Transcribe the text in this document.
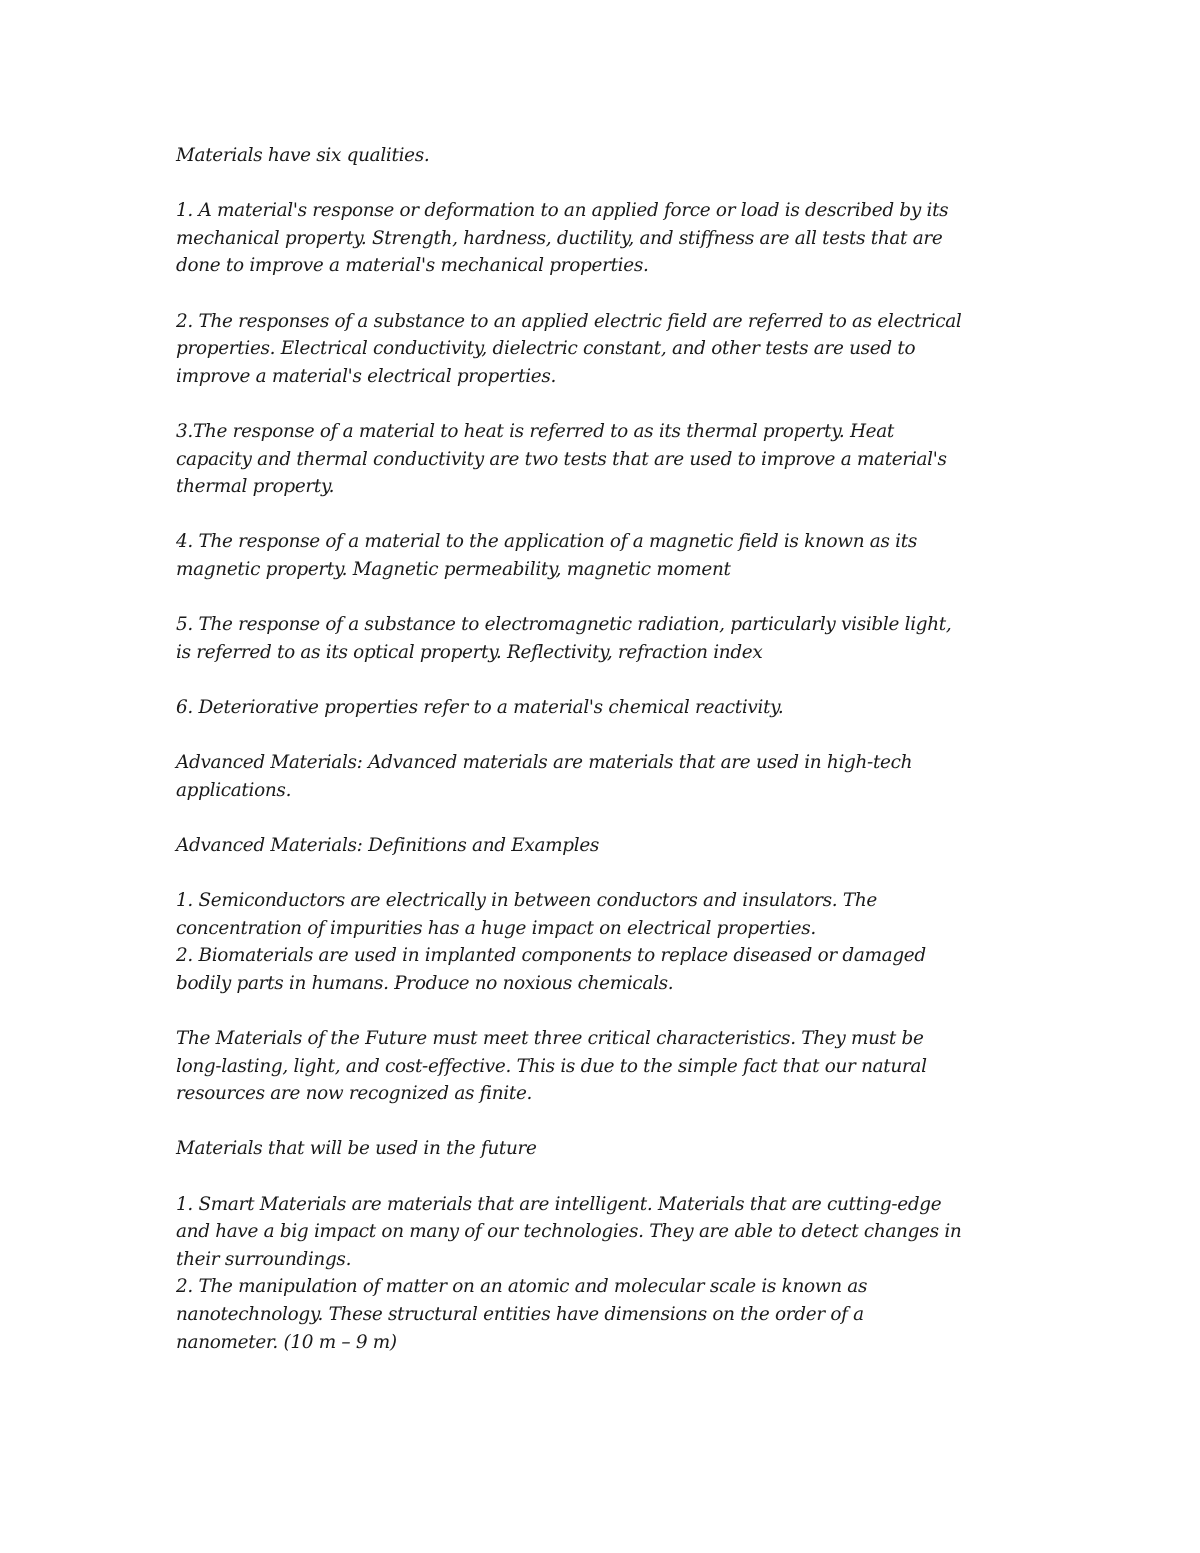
Materials have six qualities.

1. A material's response or deformation to an applied force or load is described by its
mechanical property. Strength, hardness, ductility, and stiffness are all tests that are
done to improve a material's mechanical properties.

2. The responses of a substance to an applied electric field are referred to as electrical
properties. Electrical conductivity, dielectric constant, and other tests are used to
improve a material's electrical properties.

3.The response of a material to heat is referred to as its thermal property. Heat
capacity and thermal conductivity are two tests that are used to improve a material's
thermal property.

4. The response of a material to the application of a magnetic field is known as its
magnetic property. Magnetic permeability, magnetic moment

5. The response of a substance to electromagnetic radiation, particularly visible light,
is referred to as its optical property. Reflectivity, refraction index

6. Deteriorative properties refer to a material's chemical reactivity.

Advanced Materials: Advanced materials are materials that are used in high-tech
applications.

Advanced Materials: Definitions and Examples

1. Semiconductors are electrically in between conductors and insulators. The
concentration of impurities has a huge impact on electrical properties.
2. Biomaterials are used in implanted components to replace diseased or damaged
bodily parts in humans. Produce no noxious chemicals.

The Materials of the Future must meet three critical characteristics. They must be
long-lasting, light, and cost-effective. This is due to the simple fact that our natural
resources are now recognized as finite.

Materials that will be used in the future

1. Smart Materials are materials that are intelligent. Materials that are cutting-edge
and have a big impact on many of our technologies. They are able to detect changes in
their surroundings.
2. The manipulation of matter on an atomic and molecular scale is known as
nanotechnology. These structural entities have dimensions on the order of a
nanometer. (10 m – 9 m)
